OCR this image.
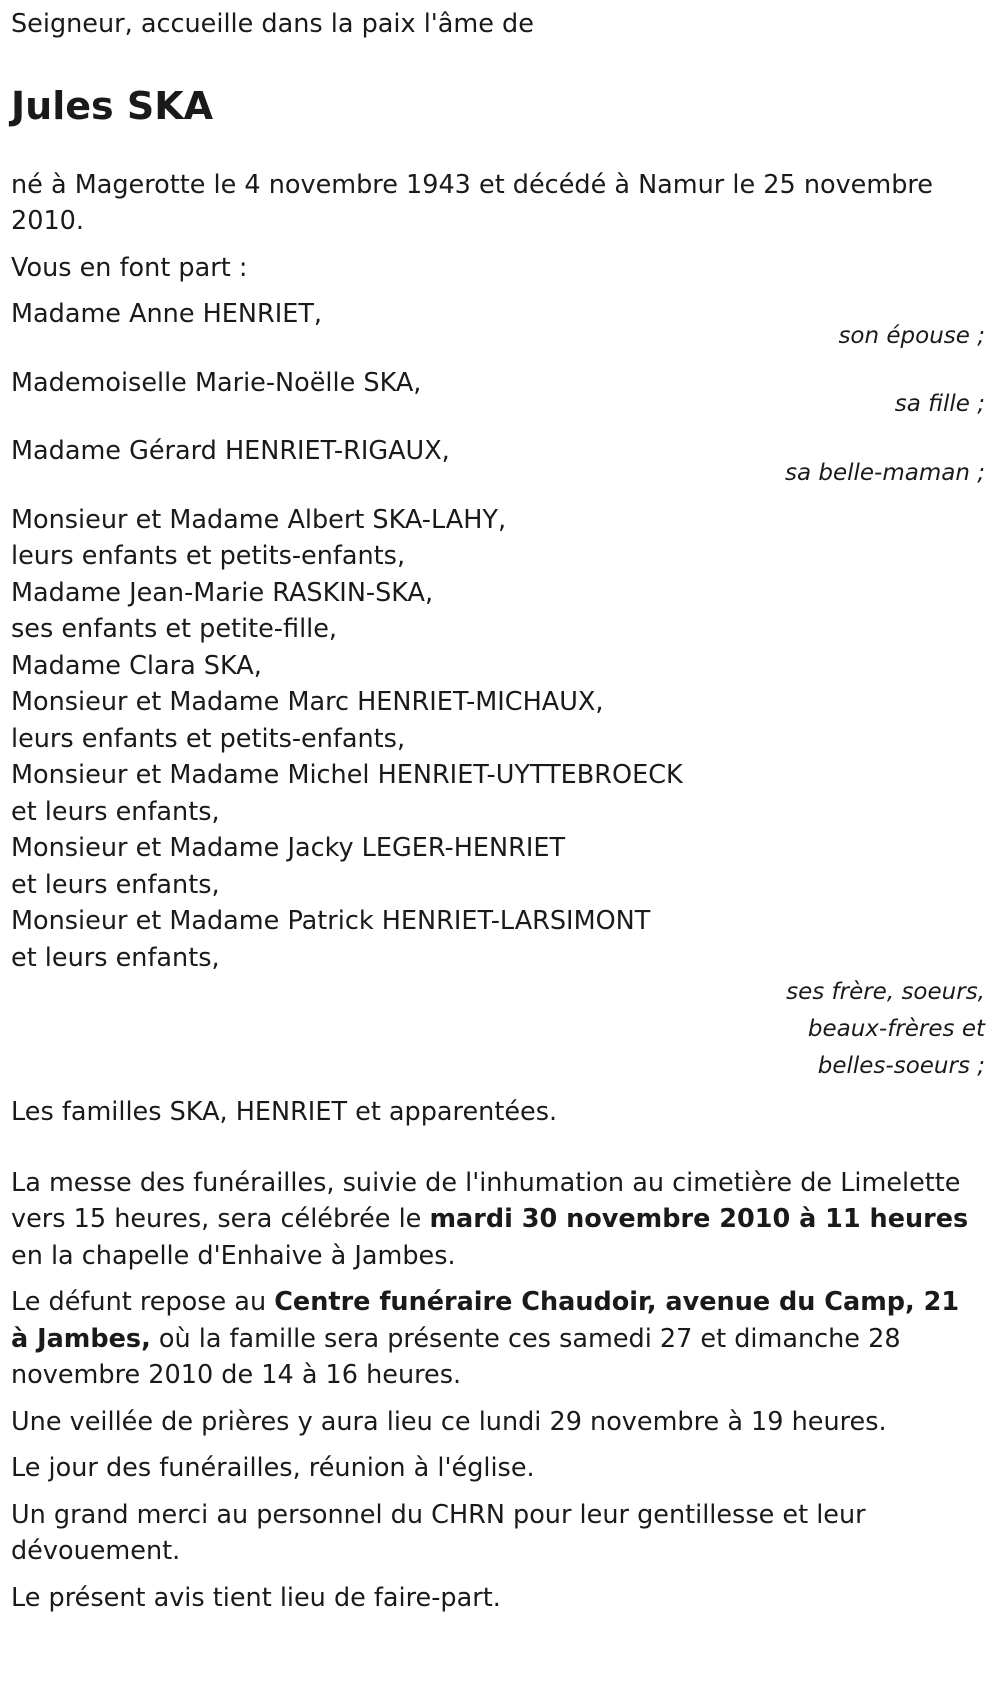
Seigneur, accueille dans la paix l'âme de

Jules SKA

né à Magerotte le 4 novembre 1943 et décédé à Namur le 25 novembre 2010.

Vous en font part :

Madame Anne HENRIET,

son épouse ;

Mademoiselle Marie-Noëlle SKA,

sa fille ;

Madame Gérard HENRIET-RIGAUX,

sa belle-maman ;

Monsieur et Madame Albert SKA-LAHY,

leurs enfants et petits-enfants,

Madame Jean-Marie RASKIN-SKA,

ses enfants et petite-fille,

Madame Clara SKA,

Monsieur et Madame Marc HENRIET-MICHAUX,

leurs enfants et petits-enfants,

Monsieur et Madame Michel HENRIET-UYTTEBROECK

et leurs enfants,

Monsieur et Madame Jacky LEGER-HENRIET

et leurs enfants,

Monsieur et Madame Patrick HENRIET-LARSIMONT

et leurs enfants,

ses frère, soeurs,
beaux-frères et
belles-soeurs ;

Les familles SKA, HENRIET et apparentées.

La messe des funérailles, suivie de l'inhumation au cimetière de Limelette vers 15 heures, sera célébrée le mardi 30 novembre 2010 à 11 heures en la chapelle d'Enhaive à Jambes.

Le défunt repose au Centre funéraire Chaudoir, avenue du Camp, 21 à Jambes, où la famille sera présente ces samedi 27 et dimanche 28 novembre 2010 de 14 à 16 heures.

Une veillée de prières y aura lieu ce lundi 29 novembre à 19 heures.

Le jour des funérailles, réunion à l'église.

Un grand merci au personnel du CHRN pour leur gentillesse et leur dévouement.

Le présent avis tient lieu de faire-part.
